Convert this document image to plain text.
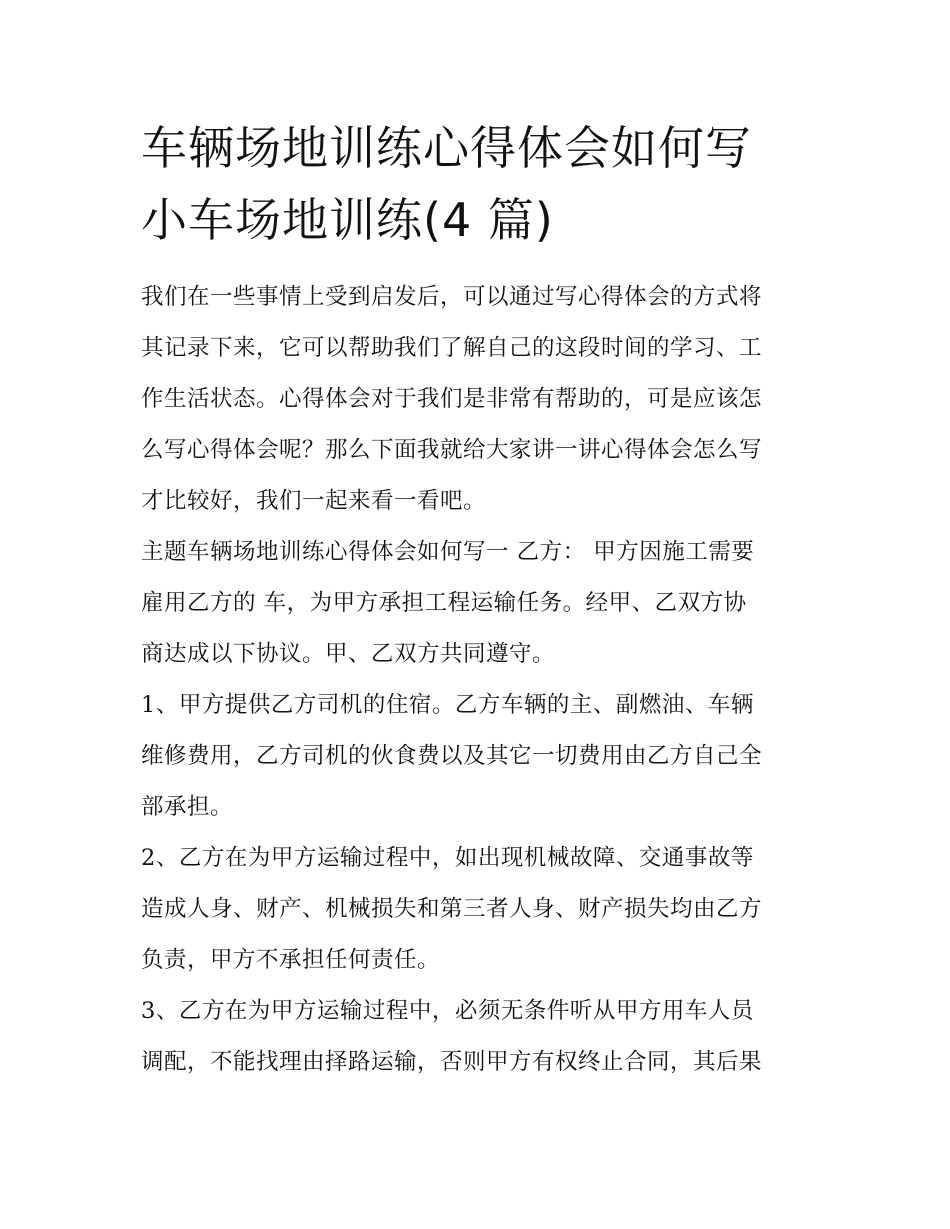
车辆场地训练心得体会如何写
小车场地训练(4 篇)

我们在一些事情上受到启发后，可以通过写心得体会的方式将
其记录下来，它可以帮助我们了解自己的这段时间的学习、工
作生活状态。心得体会对于我们是非常有帮助的，可是应该怎
么写心得体会呢？那么下面我就给大家讲一讲心得体会怎么写
才比较好，我们一起来看一看吧。

主题车辆场地训练心得体会如何写一 乙方： 甲方因施工需要
雇用乙方的 车，为甲方承担工程运输任务。经甲、乙双方协
商达成以下协议。甲、乙双方共同遵守。

1、甲方提供乙方司机的住宿。乙方车辆的主、副燃油、车辆
维修费用，乙方司机的伙食费以及其它一切费用由乙方自己全
部承担。

2、乙方在为甲方运输过程中，如出现机械故障、交通事故等
造成人身、财产、机械损失和第三者人身、财产损失均由乙方
负责，甲方不承担任何责任。

3、乙方在为甲方运输过程中，必须无条件听从甲方用车人员
调配，不能找理由择路运输，否则甲方有权终止合同，其后果
